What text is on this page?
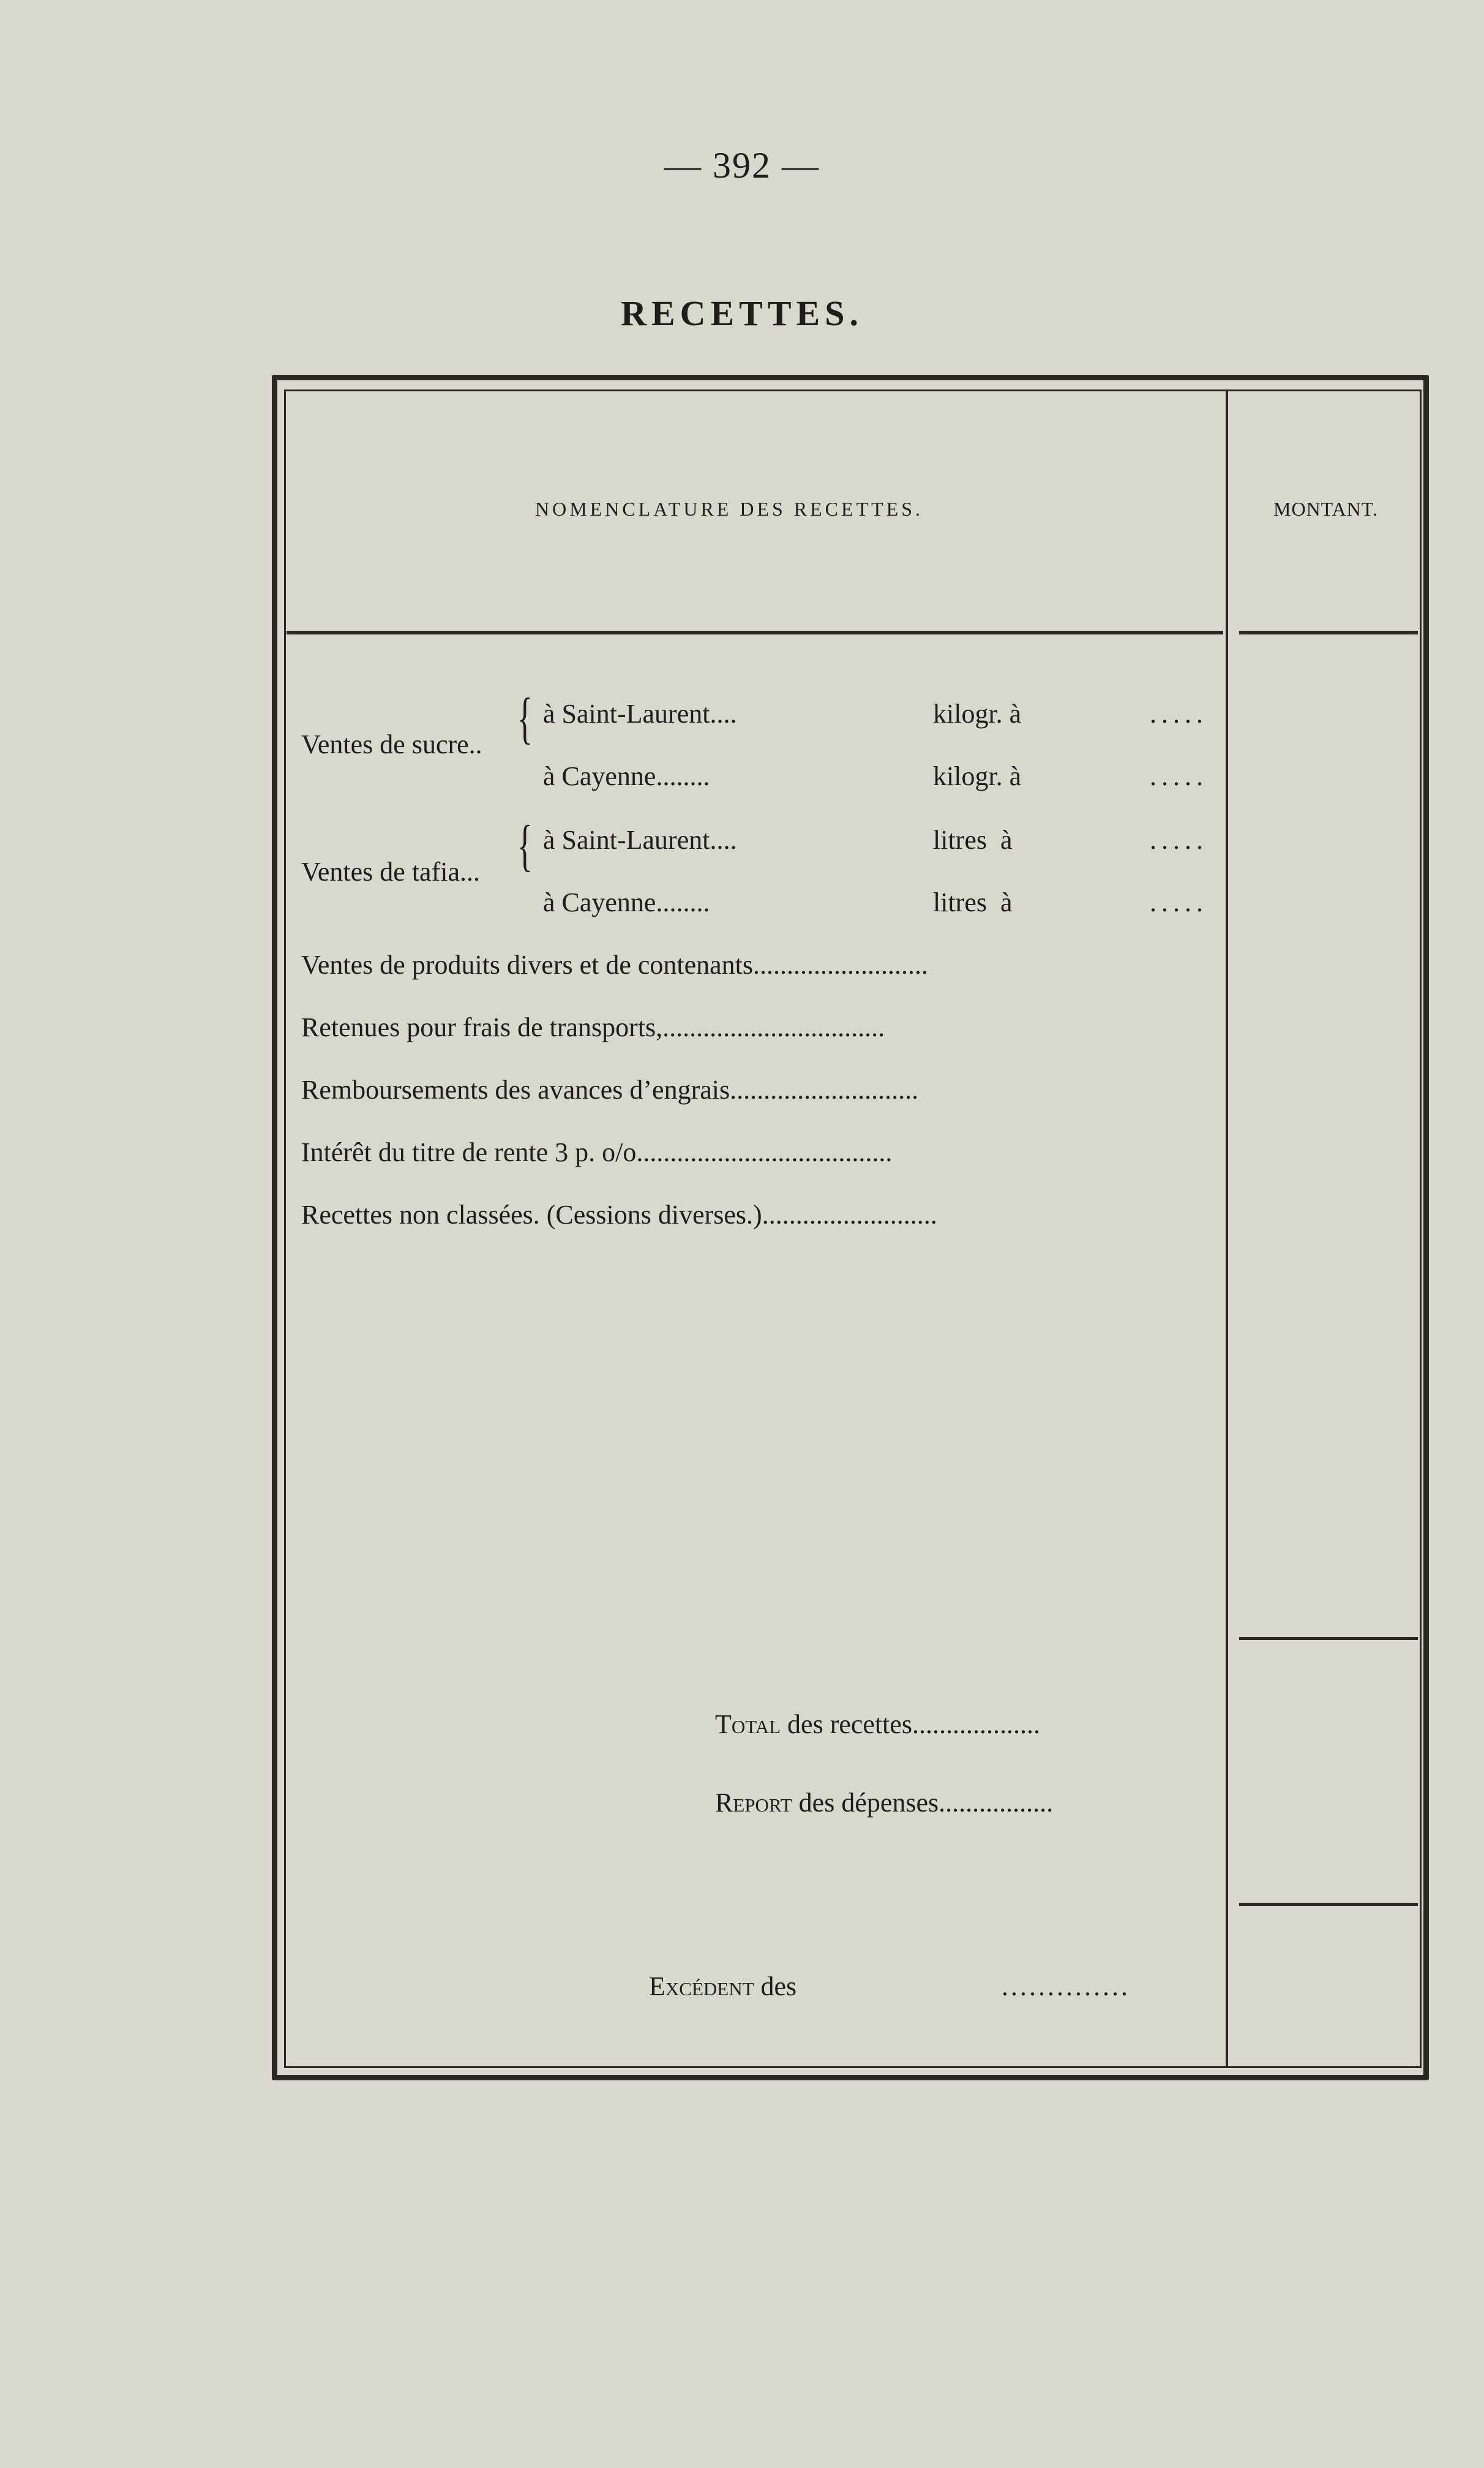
— 392 —
RECETTES.
NOMENCLATURE DES RECETTES.	MONTANT.
Ventes de sucre.. { à Saint-Laurent....	kilogr. à	.....
à Cayenne........	kilogr. à	.....
Ventes de tafia... { à Saint-Laurent....	litres  à	.....
à Cayenne........	litres  à	.....
Ventes de produits divers et de contenants..........................
Retenues pour frais de transports,.................................
Remboursements des avances d’engrais............................
Intérêt du titre de rente 3 p. o/o......................................
Recettes non classées. (Cessions diverses.)..........................
Total des recettes...................
Report des dépenses.................
Excédent des	..............
